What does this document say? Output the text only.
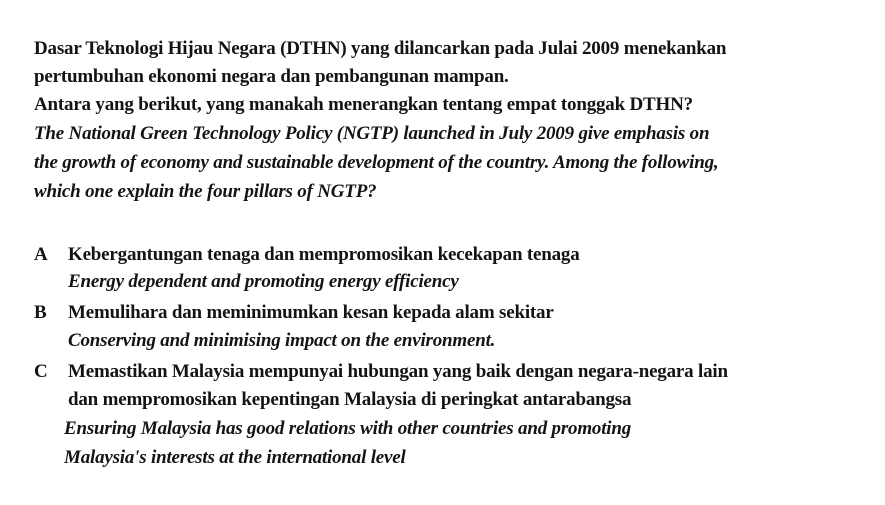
Dasar Teknologi Hijau Negara (DTHN) yang dilancarkan pada Julai 2009 menekankan
pertumbuhan ekonomi negara dan pembangunan mampan.
Antara yang berikut, yang manakah menerangkan tentang empat tonggak DTHN?
The National Green Technology Policy (NGTP) launched in July 2009 give emphasis on
the growth of economy and sustainable development of the country. Among the following,
which one explain the four pillars of NGTP?
A Kebergantungan tenaga dan mempromosikan kecekapan tenaga
Energy dependent and promoting energy efficiency
B Memulihara dan meminimumkan kesan kepada alam sekitar
Conserving and minimising impact on the environment.
C Memastikan Malaysia mempunyai hubungan yang baik dengan negara-negara lain
dan mempromosikan kepentingan Malaysia di peringkat antarabangsa
Ensuring Malaysia has good relations with other countries and promoting
Malaysia's interests at the international level
